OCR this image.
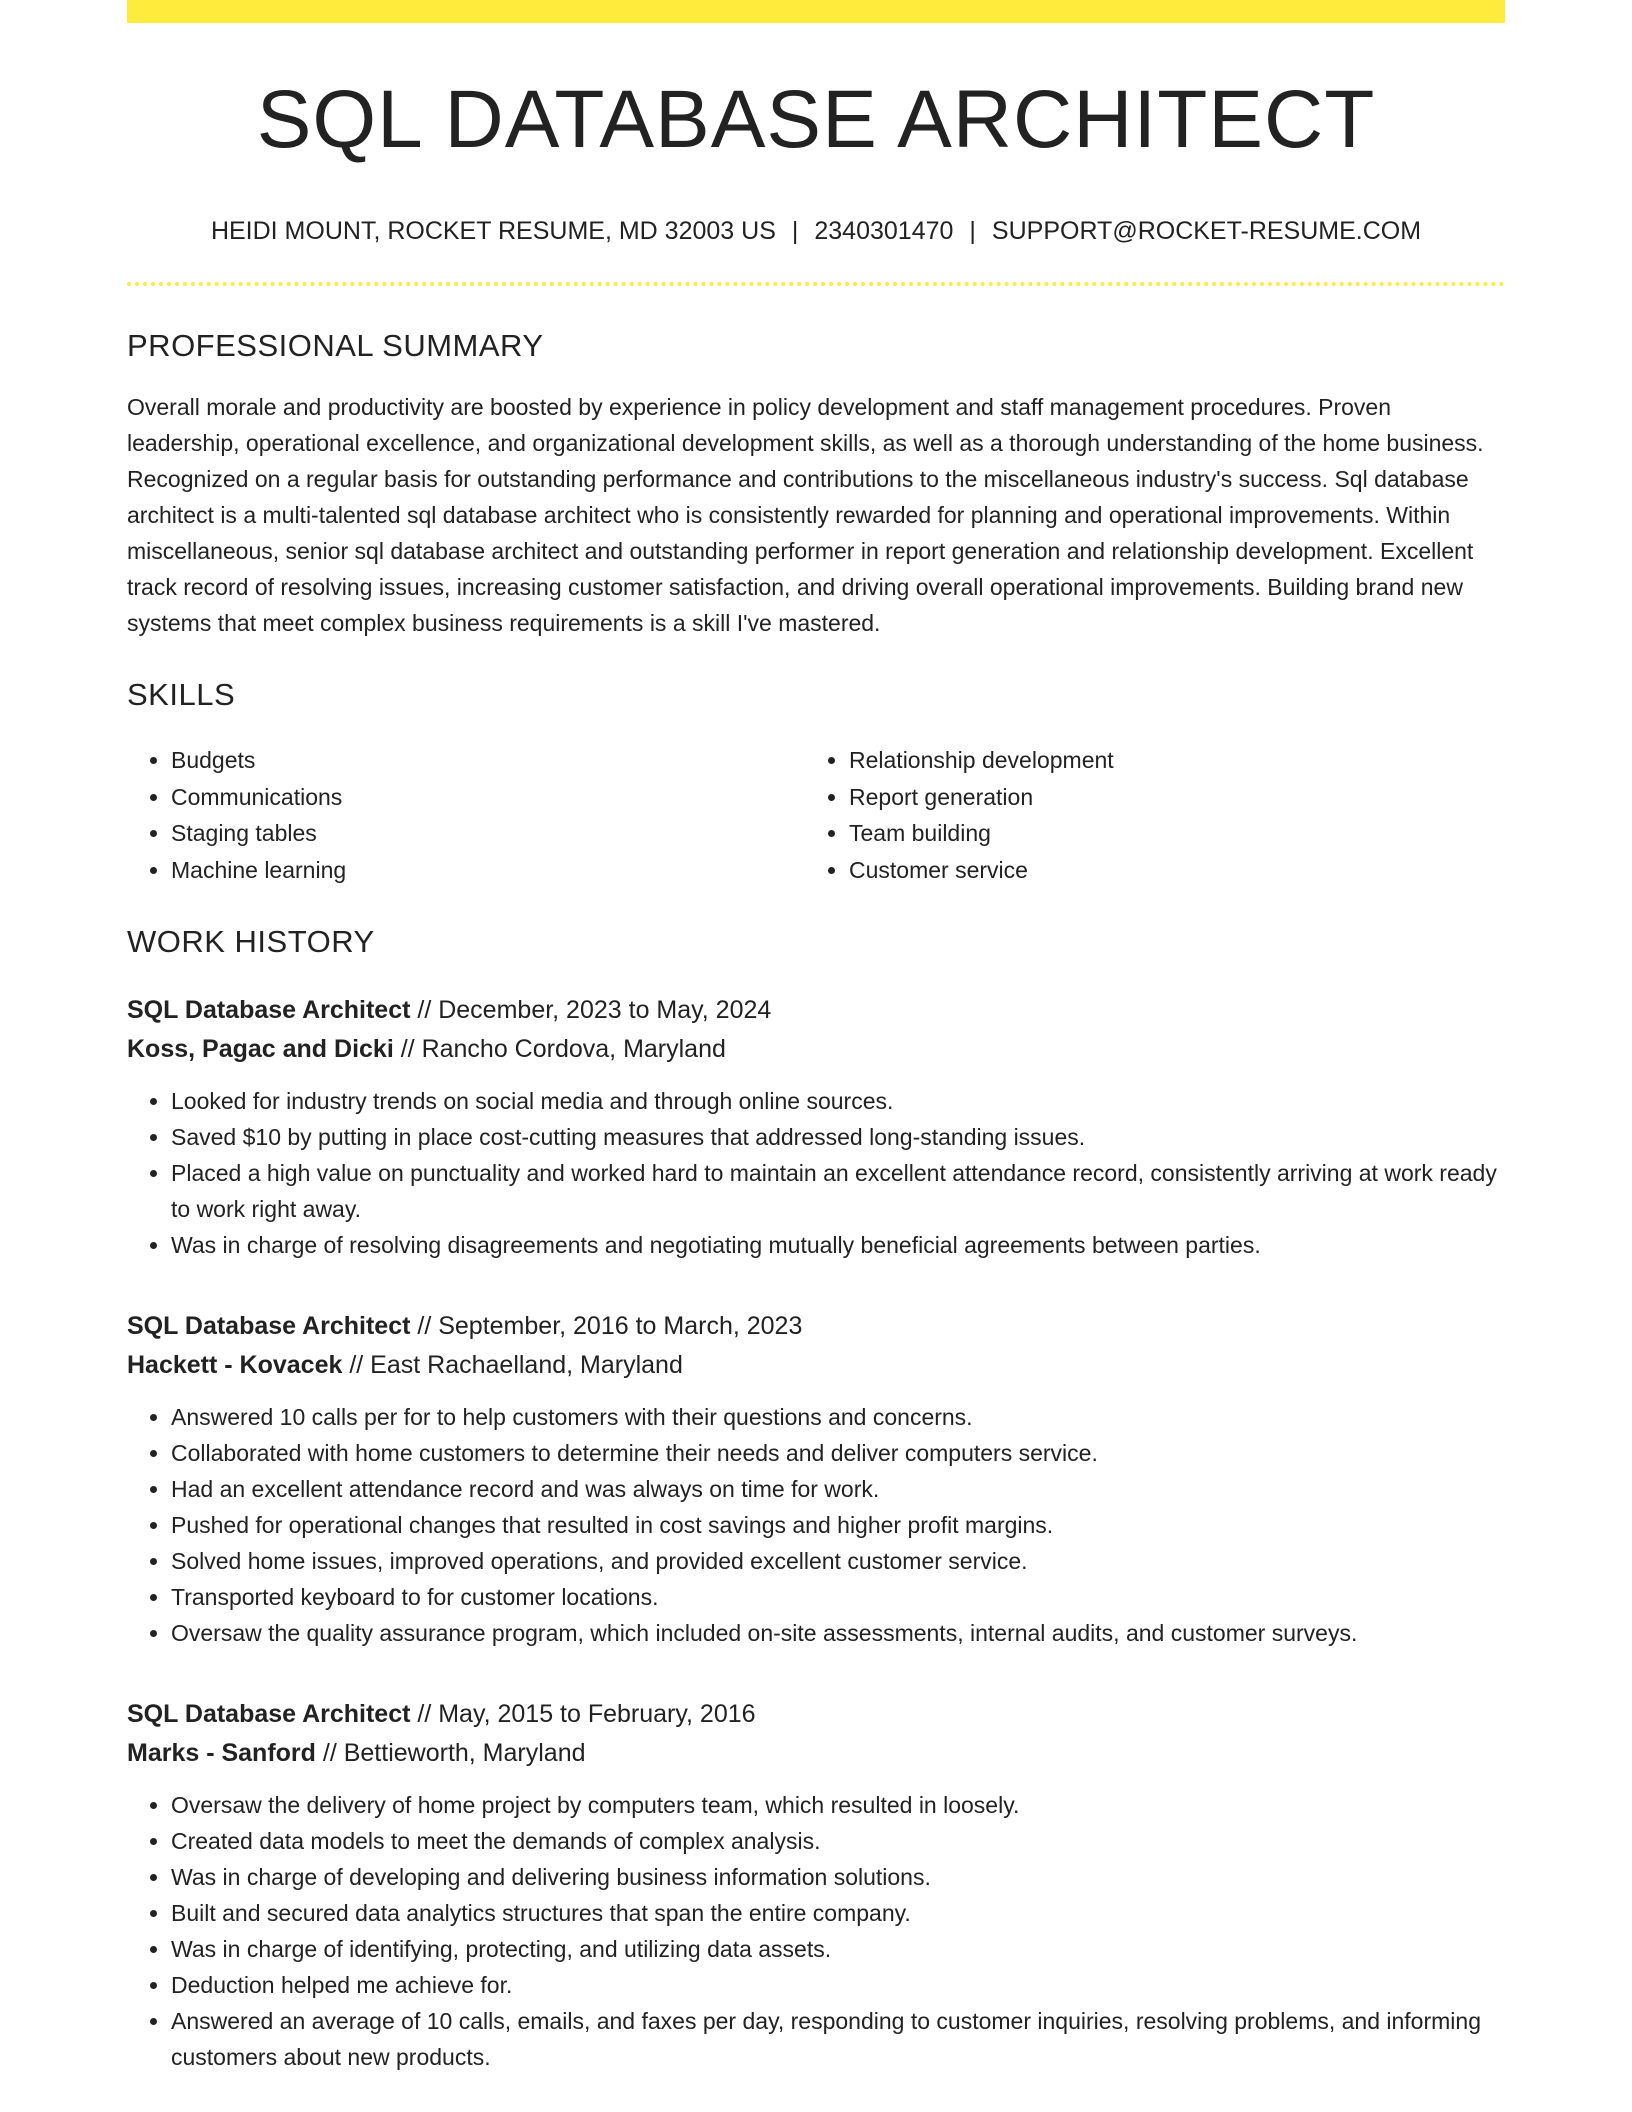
SQL DATABASE ARCHITECT
HEIDI MOUNT, ROCKET RESUME, MD 32003 US | 2340301470 | SUPPORT@ROCKET-RESUME.COM
PROFESSIONAL SUMMARY

Overall morale and productivity are boosted by experience in policy development and staff management procedures. Proven leadership, operational excellence, and organizational development skills, as well as a thorough understanding of the home business. Recognized on a regular basis for outstanding performance and contributions to the miscellaneous industry's success. Sql database architect is a multi-talented sql database architect who is consistently rewarded for planning and operational improvements. Within miscellaneous, senior sql database architect and outstanding performer in report generation and relationship development. Excellent track record of resolving issues, increasing customer satisfaction, and driving overall operational improvements. Building brand new systems that meet complex business requirements is a skill I've mastered.

SKILLS
• Budgets
• Communications
• Staging tables
• Machine learning
• Relationship development
• Report generation
• Team building
• Customer service
WORK HISTORY
SQL Database Architect // December, 2023 to May, 2024
Koss, Pagac and Dicki // Rancho Cordova, Maryland
• Looked for industry trends on social media and through online sources.
• Saved $10 by putting in place cost-cutting measures that addressed long-standing issues.
• Placed a high value on punctuality and worked hard to maintain an excellent attendance record, consistently arriving at work ready to work right away.
• Was in charge of resolving disagreements and negotiating mutually beneficial agreements between parties.
SQL Database Architect // September, 2016 to March, 2023
Hackett - Kovacek // East Rachaelland, Maryland
• Answered 10 calls per for to help customers with their questions and concerns.
• Collaborated with home customers to determine their needs and deliver computers service.
• Had an excellent attendance record and was always on time for work.
• Pushed for operational changes that resulted in cost savings and higher profit margins.
• Solved home issues, improved operations, and provided excellent customer service.
• Transported keyboard to for customer locations.
• Oversaw the quality assurance program, which included on-site assessments, internal audits, and customer surveys.
SQL Database Architect // May, 2015 to February, 2016
Marks - Sanford // Bettieworth, Maryland
• Oversaw the delivery of home project by computers team, which resulted in loosely.
• Created data models to meet the demands of complex analysis.
• Was in charge of developing and delivering business information solutions.
• Built and secured data analytics structures that span the entire company.
• Was in charge of identifying, protecting, and utilizing data assets.
• Deduction helped me achieve for.
• Answered an average of 10 calls, emails, and faxes per day, responding to customer inquiries, resolving problems, and informing customers about new products.
